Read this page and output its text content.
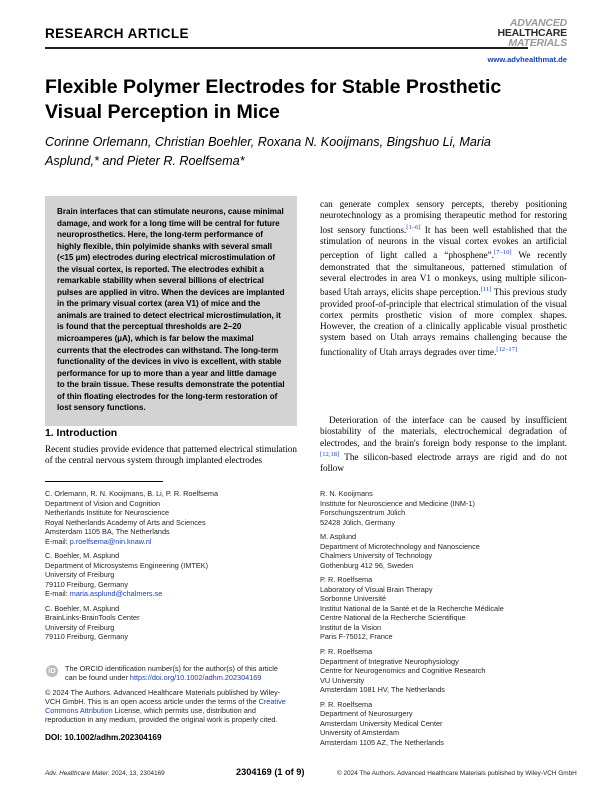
RESEARCH ARTICLE
ADVANCED
HEALTHCARE
MATERIALS
www.advhealthmat.de
Flexible Polymer Electrodes for Stable Prosthetic Visual Perception in Mice
Corinne Orlemann, Christian Boehler, Roxana N. Kooijmans, Bingshuo Li, Maria Asplund,* and Pieter R. Roelfsema*
Brain interfaces that can stimulate neurons, cause minimal damage, and work for a long time will be central for future neuroprosthetics. Here, the long-term performance of highly flexible, thin polyimide shanks with several small (<15 µm) electrodes during electrical microstimulation of the visual cortex, is reported. The electrodes exhibit a remarkable stability when several billions of electrical pulses are applied in vitro. When the devices are implanted in the primary visual cortex (area V1) of mice and the animals are trained to detect electrical microstimulation, it is found that the perceptual thresholds are 2–20 microamperes (µA), which is far below the maximal currents that the electrodes can withstand. The long-term functionality of the devices in vivo is excellent, with stable performance for up to more than a year and little damage to the brain tissue. These results demonstrate the potential of thin floating electrodes for the long-term restoration of lost sensory functions.
1. Introduction
Recent studies provide evidence that patterned electrical stimulation of the central nervous system through implanted electrodes
can generate complex sensory percepts, thereby positioning neurotechnology as a promising therapeutic method for restoring lost sensory functions.[1–6] It has been well established that the stimulation of neurons in the visual cortex evokes an artificial perception of light called a “phosphene”.[7–10] We recently demonstrated that the simultaneous, patterned stimulation of several electrodes in area V1 o monkeys, using multiple silicon-based Utah arrays, elicits shape perception.[11] This previous study provided proof-of-principle that electrical stimulation of the visual cortex permits prosthetic vision of more complex shapes. However, the creation of a clinically applicable visual prosthetic system based on Utah arrays remains challenging because the functionality of Utah arrays degrades over time.[12–17]
Deterioration of the interface can be caused by insufficient biostability of the materials, electrochemical degradation of electrodes, and the brain's foreign body response to the implant.[12,18] The silicon-based electrode arrays are rigid and do not follow
C. Orlemann, R. N. Kooijmans, B. Li, P. R. Roelfsema
Department of Vision and Cognition
Netherlands Institute for Neuroscience
Royal Netherlands Academy of Arts and Sciences
Amsterdam 1105 BA, The Netherlands
E-mail: p.roelfsema@nin.knaw.nl
C. Boehler, M. Asplund
Department of Microsystems Engineering (IMTEK)
University of Freiburg
79110 Freiburg, Germany
E-mail: maria.asplund@chalmers.se
C. Boehler, M. Asplund
BrainLinks-BrainTools Center
University of Freiburg
79110 Freiburg, Germany
R. N. Kooijmans
Institute for Neuroscience and Medicine (INM-1)
Forschungszentrum Jülich
52428 Jülich, Germany
M. Asplund
Department of Microtechnology and Nanoscience
Chalmers University of Technology
Gothenburg 412 96, Sweden
P. R. Roelfsema
Laboratory of Visual Brain Therapy
Sorbonne Université
Institut National de la Santé et de la Recherche Médicale
Centre National de la Recherche Scientifique
Institut de la Vision
Paris F-75012, France
P. R. Roelfsema
Department of Integrative Neurophysiology
Centre for Neurogenomics and Cognitive Research
VU University
Amsterdam 1081 HV, The Netherlands
P. R. Roelfsema
Department of Neurosurgery
Amsterdam University Medical Center
University of Amsterdam
Amsterdam 1105 AZ, The Netherlands
iD	The ORCID identification number(s) for the author(s) of this article can be found under https://doi.org/10.1002/adhm.202304169
© 2024 The Authors. Advanced Healthcare Materials published by Wiley-VCH GmbH. This is an open access article under the terms of the Creative Commons Attribution License, which permits use, distribution and reproduction in any medium, provided the original work is properly cited.
DOI: 10.1002/adhm.202304169
Adv. Healthcare Mater. 2024, 13, 2304169	2304169 (1 of 9)	© 2024 The Authors. Advanced Healthcare Materials published by Wiley-VCH GmbH
